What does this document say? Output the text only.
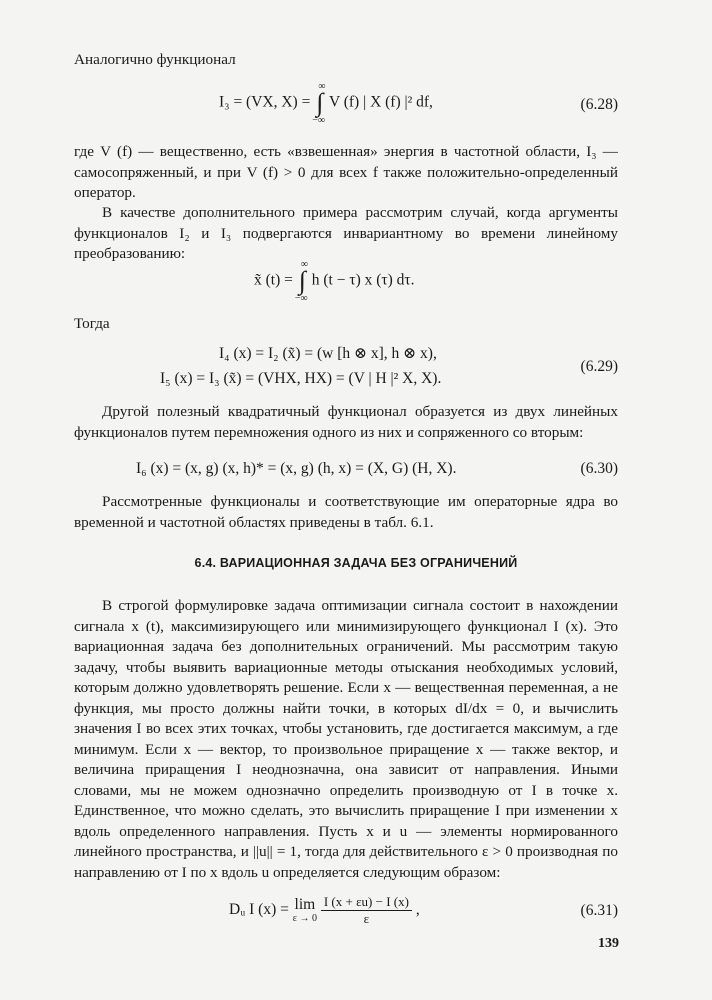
Аналогично функционал
I₃ = (VX, X) = ∫
∞
−∞
V (f) | X (f) |² df,	(6.28)
где V (f) — вещественно, есть «взвешенная» энергия в частотной области, I₃ — самосопряженный, и при V (f) > 0 для всех f также положительно-определенный оператор.
В качестве дополнительного примера рассмотрим случай, когда аргументы функционалов I₂ и I₃ подвергаются инвариантному во времени линейному преобразованию:
x̃ (t) = ∫
∞
−∞
h (t − τ) x (τ) dτ.
Тогда
I₄ (x) = I₂ (x̃) = (w [h ⊗ x], h ⊗ x),
I₅ (x) = I₃ (x̃) = (VHX, HX) = (V | H |² X, X).
(6.29)
Другой полезный квадратичный функционал образуется из двух линейных функционалов путем перемножения одного из них и сопряженного со вторым:
I₆ (x) = (x, g) (x, h)* = (x, g) (h, x) = (X, G) (H, X).	(6.30)
Рассмотренные функционалы и соответствующие им операторные ядра во временной и частотной областях приведены в табл. 6.1.
6.4. ВАРИАЦИОННАЯ ЗАДАЧА БЕЗ ОГРАНИЧЕНИЙ
В строгой формулировке задача оптимизации сигнала состоит в нахождении сигнала x (t), максимизирующего или минимизирующего функционал I (x). Это вариационная задача без дополнительных ограничений. Мы рассмотрим такую задачу, чтобы выявить вариационные методы отыскания необходимых условий, которым должно удовлетворять решение. Если x — вещественная переменная, а не функция, мы просто должны найти точки, в которых dI/dx = 0, и вычислить значения I во всех этих точках, чтобы установить, где достигается максимум, а где минимум. Если x — вектор, то произвольное приращение x — также вектор, и величина приращения I неоднозначна, она зависит от направления. Иными словами, мы не можем однозначно определить производную от I в точке x. Единственное, что можно сделать, это вычислить приращение I при изменении x вдоль определенного направления. Пусть x и u — элементы нормированного линейного пространства, и ||u|| = 1, тогда для действительного ε > 0 производная по направлению от I по x вдоль u определяется следующим образом:
Dᵤ I (x) = lim
ε → 0
$\frac{I (x + \varepsilon u) - I (x)}{\varepsilon}$ ,	(6.31)
139
